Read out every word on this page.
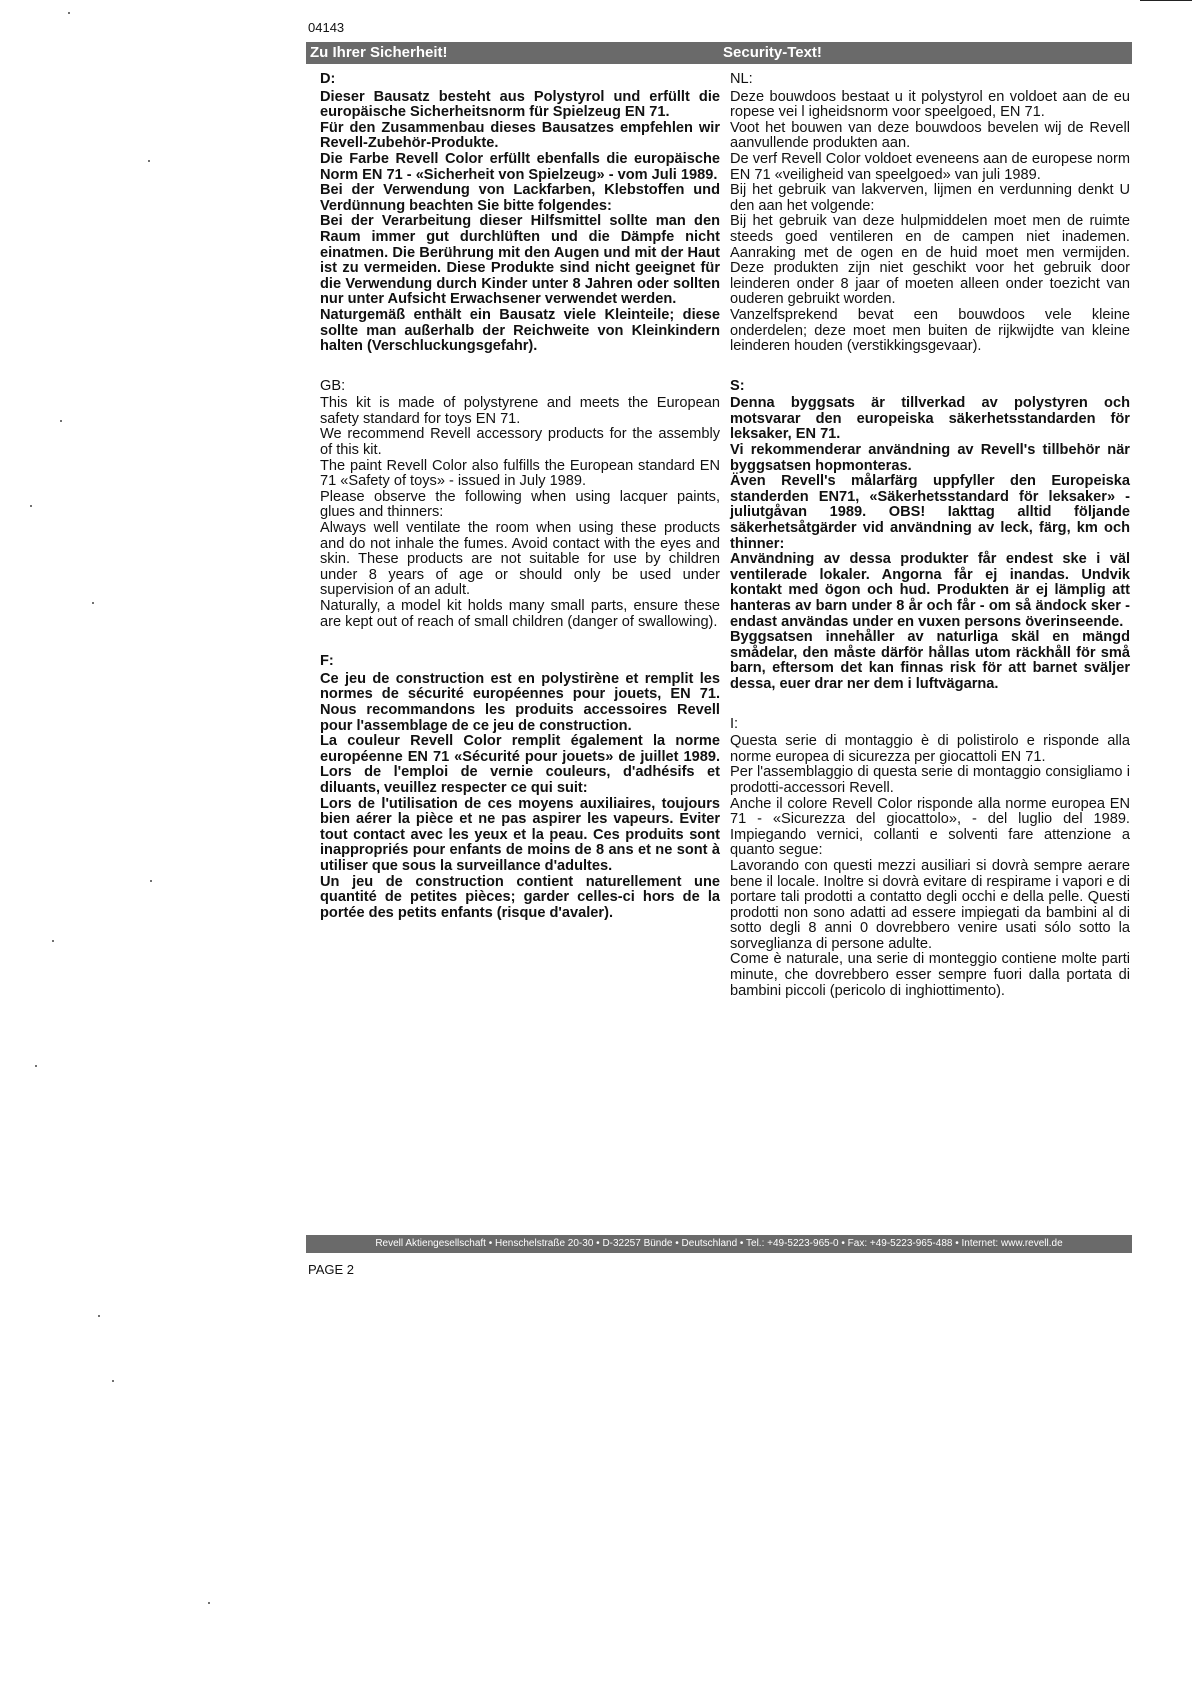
04143
Zu Ihrer Sicherheit!	Security-Text!
D:

Dieser Bausatz besteht aus Polystyrol und erfüllt die europäische Sicherheitsnorm für Spielzeug EN 71.

Für den Zusammenbau dieses Bausatzes empfehlen wir Revell-Zubehör-Produkte.

Die Farbe Revell Color erfüllt ebenfalls die europäische Norm EN 71 - «Sicherheit von Spielzeug» - vom Juli 1989.

Bei der Verwendung von Lackfarben, Klebstoffen und Verdünnung beachten Sie bitte folgendes:

Bei der Verarbeitung dieser Hilfsmittel sollte man den Raum immer gut durchlüften und die Dämpfe nicht einatmen. Die Berührung mit den Augen und mit der Haut ist zu vermeiden. Diese Produkte sind nicht geeignet für die Verwendung durch Kinder unter 8 Jahren oder sollten nur unter Aufsicht Erwachsener verwendet werden.

Naturgemäß enthält ein Bausatz viele Kleinteile; diese sollte man außerhalb der Reichweite von Kleinkindern halten (Verschluckungsgefahr).

GB:

This kit is made of polystyrene and meets the European safety standard for toys EN 71.

We recommend Revell accessory products for the assembly of this kit.

The paint Revell Color also fulfills the European standard EN 71 «Safety of toys» - issued in July 1989.

Please observe the following when using lacquer paints, glues and thinners:

Always well ventilate the room when using these products and do not inhale the fumes. Avoid contact with the eyes and skin. These products are not suitable for use by children under 8 years of age or should only be used under supervision of an adult.

Naturally, a model kit holds many small parts, ensure these are kept out of reach of small children (danger of swallowing).

F:

Ce jeu de construction est en polystirène et remplit les normes de sécurité européennes pour jouets, EN 71. Nous recommandons les produits accessoires Revell pour l'assemblage de ce jeu de construction.

La couleur Revell Color remplit également la norme européenne EN 71 «Sécurité pour jouets» de juillet 1989. Lors de l'emploi de vernie couleurs, d'adhésifs et diluants, veuillez respecter ce qui suit:

Lors de l'utilisation de ces moyens auxiliaires, toujours bien aérer la pièce et ne pas aspirer les vapeurs. Eviter tout contact avec les yeux et la peau. Ces produits sont inappropriés pour enfants de moins de 8 ans et ne sont à utiliser que sous la surveillance d'adultes.

Un jeu de construction contient naturellement une quantité de petites pièces; garder celles-ci hors de la portée des petits enfants (risque d'avaler).

NL:

Deze bouwdoos bestaat u it polystyrol en voldoet aan de eu ropese vei l igheidsnorm voor speelgoed, EN 71.

Voot het bouwen van deze bouwdoos bevelen wij de Revell aanvullende produkten aan.

De verf Revell Color voldoet eveneens aan de europese norm EN 71 «veiligheid van speelgoed» van juli 1989.

Bij het gebruik van lakverven, lijmen en verdunning denkt U den aan het volgende:

Bij het gebruik van deze hulpmiddelen moet men de ruimte steeds goed ventileren en de campen niet inademen. Aanraking met de ogen en de huid moet men vermijden. Deze produkten zijn niet geschikt voor het gebruik door leinderen onder 8 jaar of moeten alleen onder toezicht van ouderen gebruikt worden.

Vanzelfsprekend bevat een bouwdoos vele kleine onderdelen; deze moet men buiten de rijkwijdte van kleine leinderen houden (verstikkingsgevaar).

S:

Denna byggsats är tillverkad av polystyren och motsvarar den europeiska säkerhetsstandarden för leksaker, EN 71.

Vi rekommenderar användning av Revell's tillbehör när byggsatsen hopmonteras.

Även Revell's målarfärg uppfyller den Europeiska standerden EN71, «Säkerhetsstandard för leksaker» - juliutgåvan 1989. OBS! Iakttag alltid följande säkerhetsåtgärder vid användning av leck, färg, km och thinner:

Användning av dessa produkter får endest ske i väl ventilerade lokaler. Angorna får ej inandas. Undvik kontakt med ögon och hud. Produkten är ej lämplig att hanteras av barn under 8 år och får - om så ändock sker - endast användas under en vuxen persons överinseende.

Byggsatsen innehåller av naturliga skäl en mängd smådelar, den måste därför hållas utom räckhåll för små barn, eftersom det kan finnas risk för att barnet sväljer dessa, euer drar ner dem i luftvägarna.

I:

Questa serie di montaggio è di polistirolo e risponde alla norme europea di sicurezza per giocattoli EN 71.

Per l'assemblaggio di questa serie di montaggio consigliamo i prodotti-accessori Revell.

Anche il colore Revell Color risponde alla norme europea EN 71 - «Sicurezza del giocattolo», - del luglio del 1989. Impiegando vernici, collanti e solventi fare attenzione a quanto segue:

Lavorando con questi mezzi ausiliari si dovrà sempre aerare bene il locale. Inoltre si dovrà evitare di respirame i vapori e di portare tali prodotti a contatto degli occhi e della pelle. Questi prodotti non sono adatti ad essere impiegati da bambini al di sotto degli 8 anni 0 dovrebbero venire usati sólo sotto la sorveglianza di persone adulte.

Come è naturale, una serie di monteggio contiene molte parti minute, che dovrebbero esser sempre fuori dalla portata di bambini piccoli (pericolo di inghiottimento).

Revell Aktiengesellschaft • Henschelstraße 20-30 • D-32257 Bünde • Deutschland • Tel.: +49-5223-965-0 • Fax: +49-5223-965-488 • Internet: www.revell.de
PAGE 2
